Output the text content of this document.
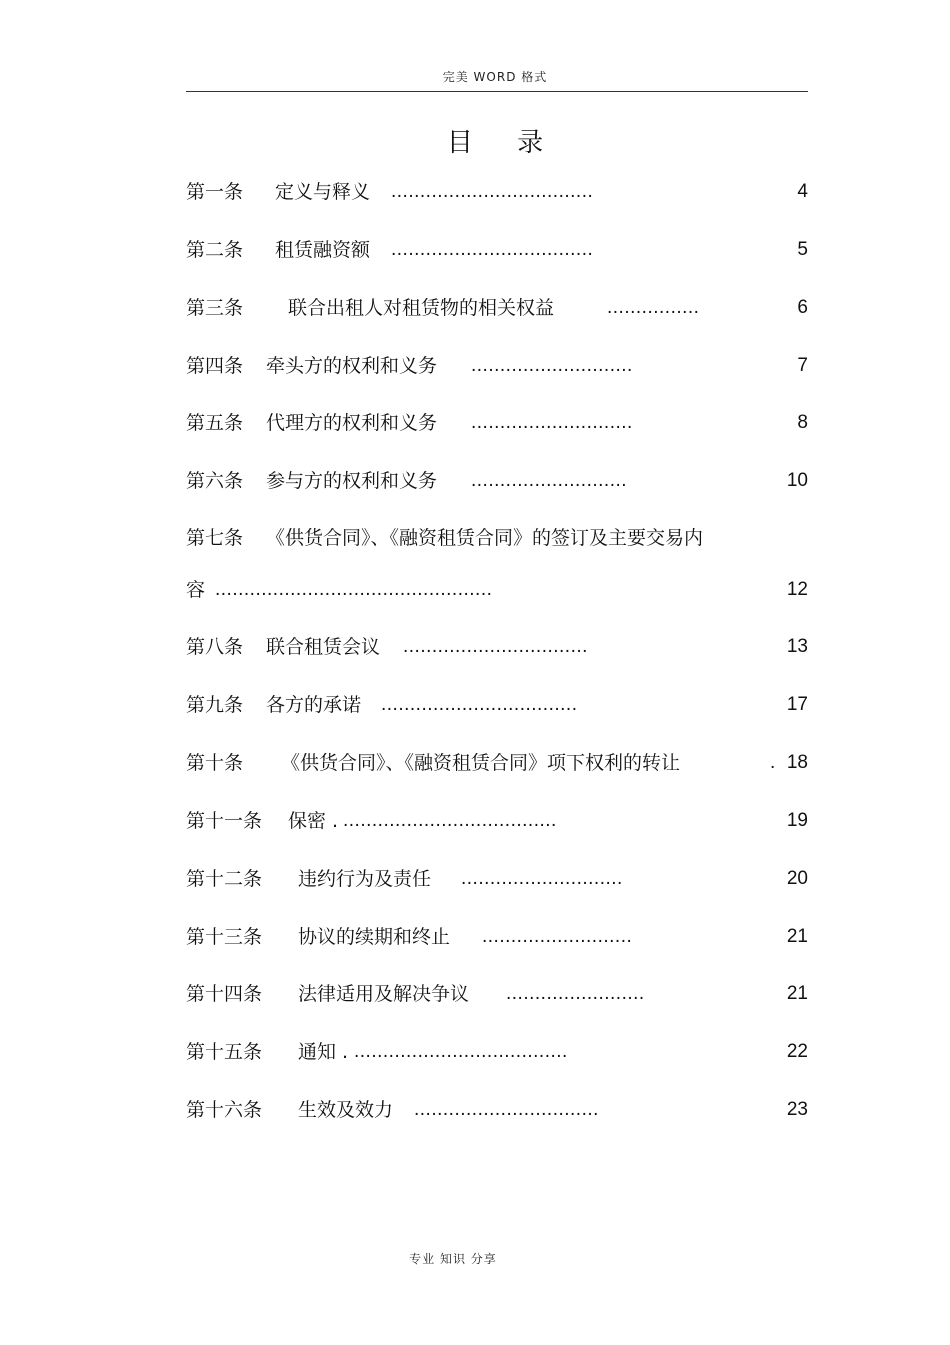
完美 WORD 格式
目 录
第一条 定义与释义 ...................................	4
第二条 租赁融资额 ...................................	5
第三条 联合出租人对租赁物的相关权益	................	6
第四条 牵头方的权利和义务 ............................	7
第五条 代理方的权利和义务 ............................	8
第六条 参与方的权利和义务 ...........................	10
第七条 《供货合同》、《融资租赁合同》的签订及主要交易内
容 ................................................	12
第八条 联合租赁会议 ................................	13
第九条 各方的承诺 ..................................	17
第十条 《供货合同》、《融资租赁合同》项下权利的转让	. 18
第十一条 保密 . .....................................	19
第十二条 违约行为及责任 ............................	20
第十三条 协议的续期和终止 ..........................	21
第十四条 法律适用及解决争议 ........................	21
第十五条 通知 . .....................................	22
第十六条 生效及效力 ................................	23
专业 知识 分享
